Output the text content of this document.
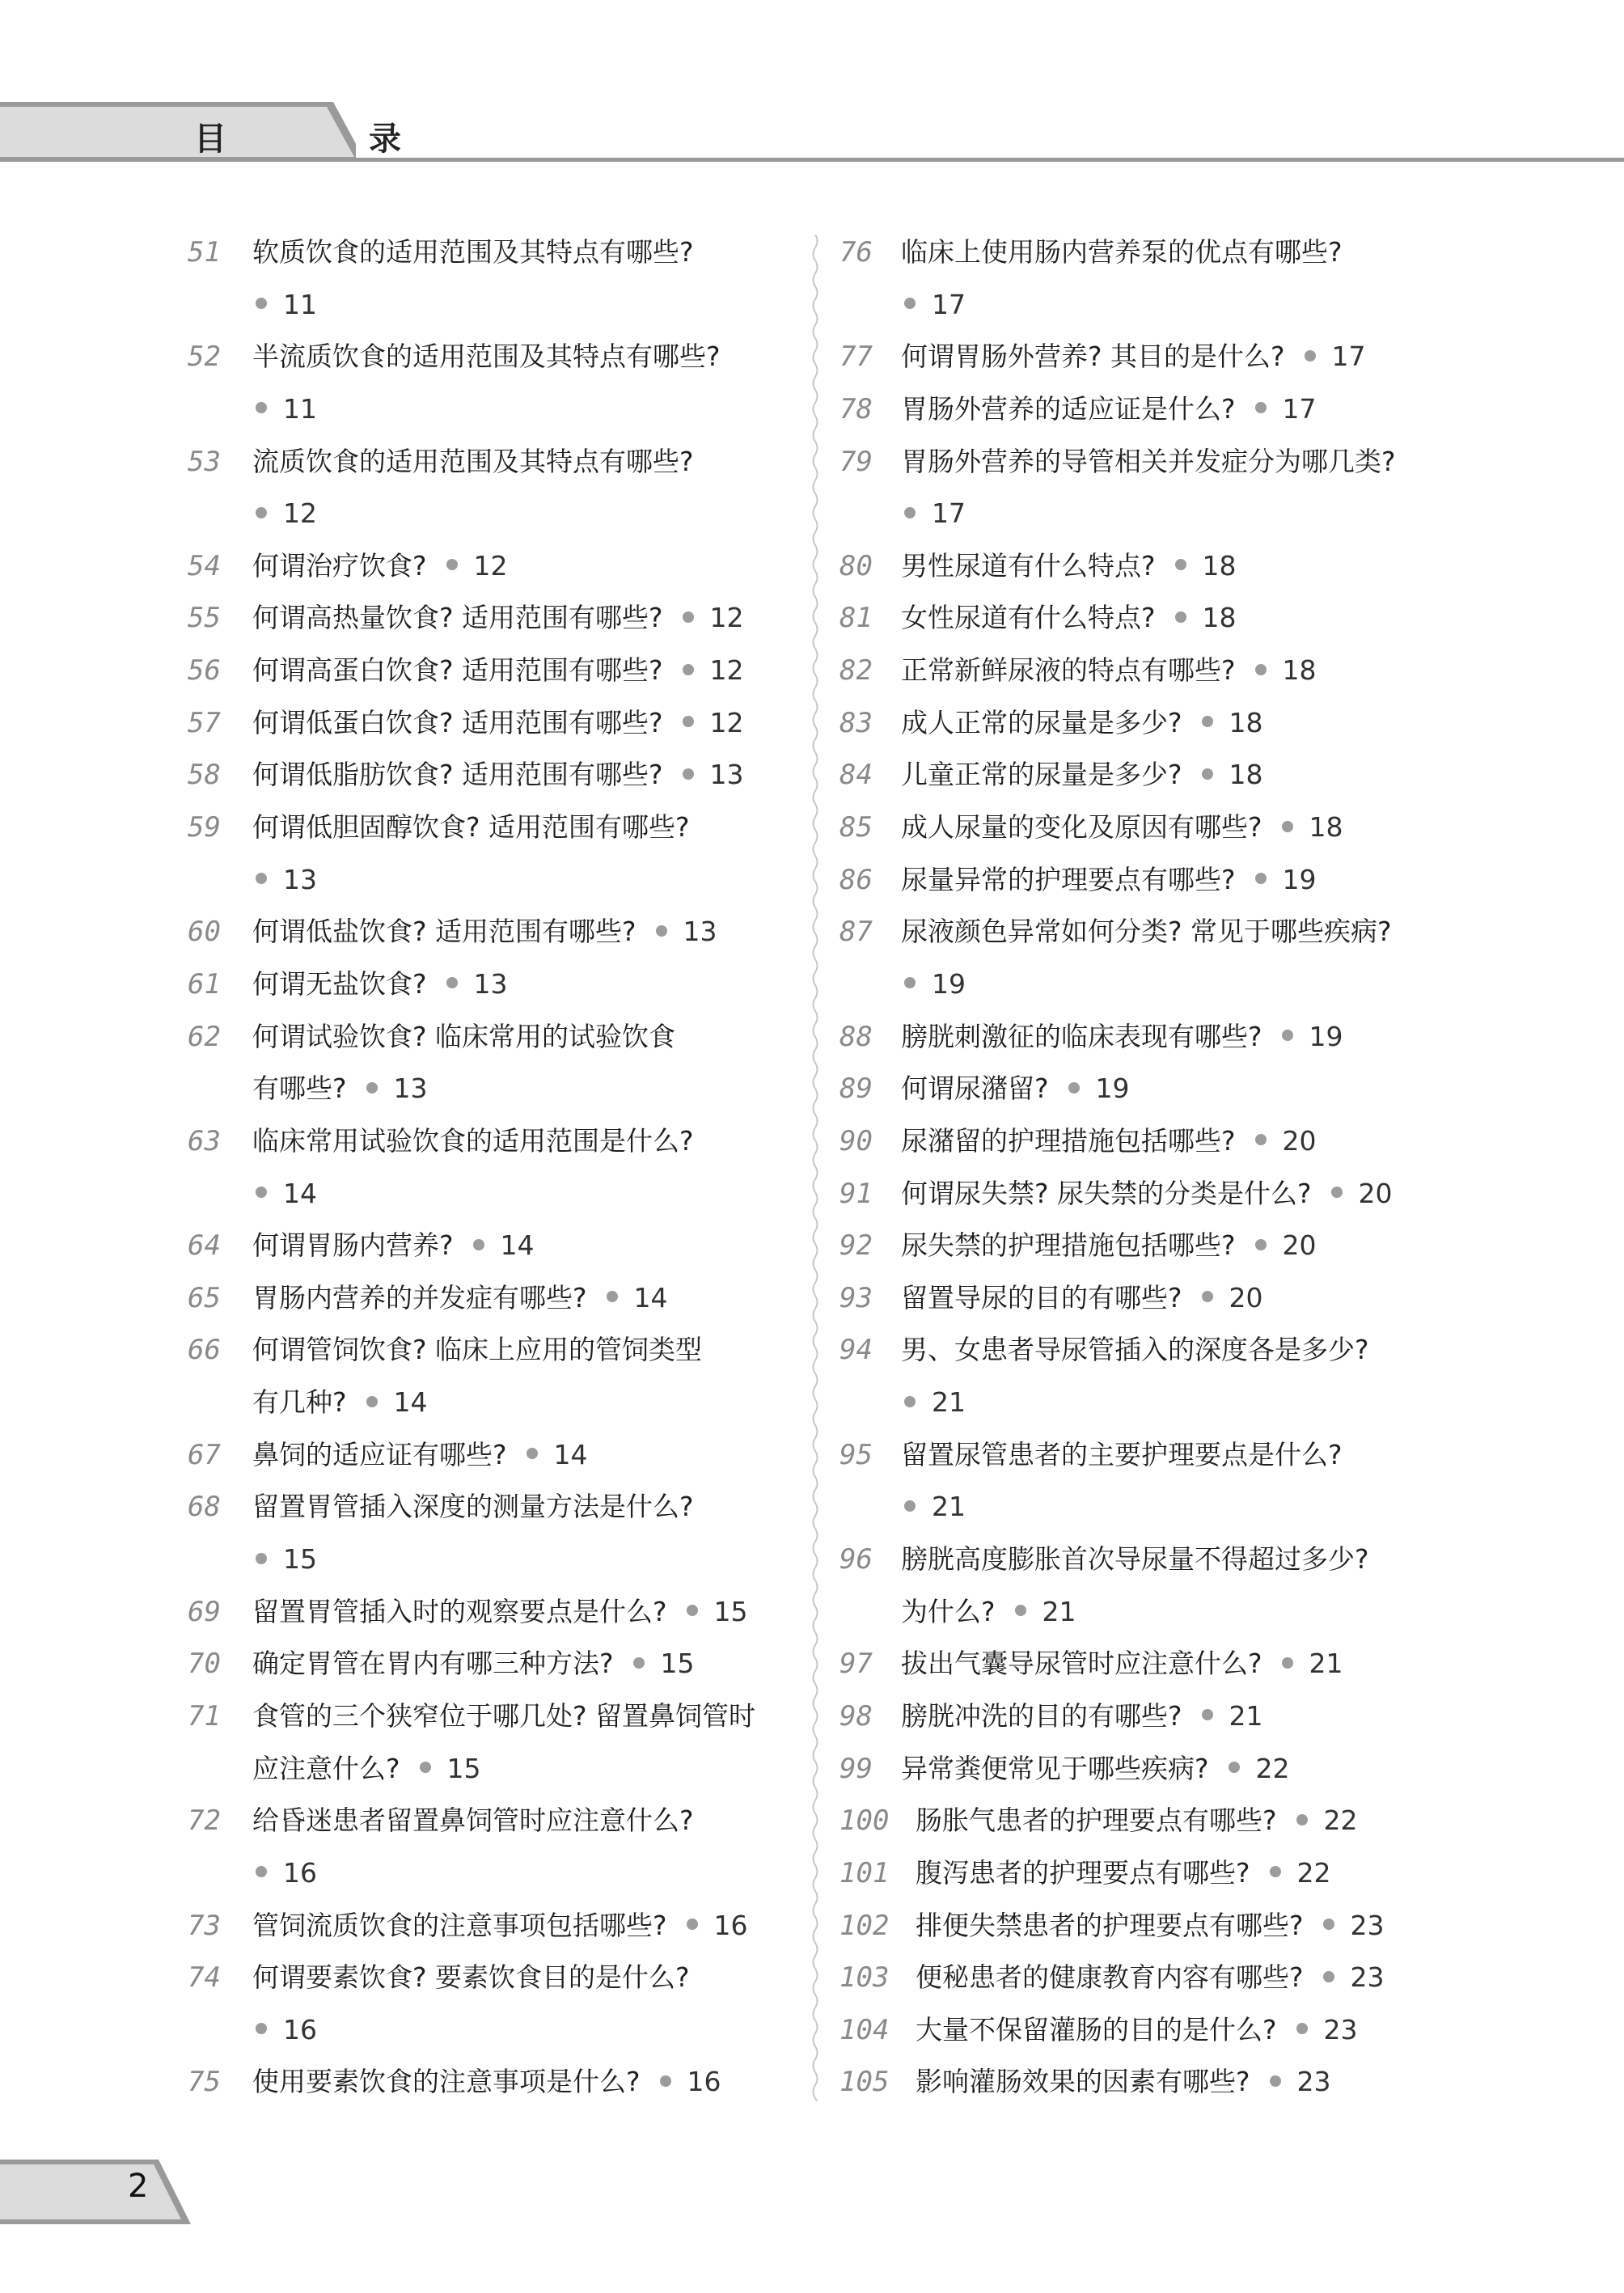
目　录
51	软质饮食的适用范围及其特点有哪些?
11
52	半流质饮食的适用范围及其特点有哪些?
11
53	流质饮食的适用范围及其特点有哪些?
12
54	何谓治疗饮食? 12
55	何谓高热量饮食? 适用范围有哪些? 12
56	何谓高蛋白饮食? 适用范围有哪些? 12
57	何谓低蛋白饮食? 适用范围有哪些? 12
58	何谓低脂肪饮食? 适用范围有哪些? 13
59	何谓低胆固醇饮食? 适用范围有哪些?
13
60	何谓低盐饮食? 适用范围有哪些? 13
61	何谓无盐饮食? 13
62	何谓试验饮食? 临床常用的试验饮食
有哪些? 13
63	临床常用试验饮食的适用范围是什么?
14
64	何谓胃肠内营养? 14
65	胃肠内营养的并发症有哪些? 14
66	何谓管饲饮食? 临床上应用的管饲类型
有几种? 14
67	鼻饲的适应证有哪些? 14
68	留置胃管插入深度的测量方法是什么?
15
69	留置胃管插入时的观察要点是什么? 15
70	确定胃管在胃内有哪三种方法? 15
71	食管的三个狭窄位于哪几处? 留置鼻饲管时
应注意什么? 15
72	给昏迷患者留置鼻饲管时应注意什么?
16
73	管饲流质饮食的注意事项包括哪些? 16
74	何谓要素饮食? 要素饮食目的是什么?
16
75	使用要素饮食的注意事项是什么? 16
76	临床上使用肠内营养泵的优点有哪些?
17
77	何谓胃肠外营养? 其目的是什么? 17
78	胃肠外营养的适应证是什么? 17
79	胃肠外营养的导管相关并发症分为哪几类?
17
80	男性尿道有什么特点? 18
81	女性尿道有什么特点? 18
82	正常新鲜尿液的特点有哪些? 18
83	成人正常的尿量是多少? 18
84	儿童正常的尿量是多少? 18
85	成人尿量的变化及原因有哪些? 18
86	尿量异常的护理要点有哪些? 19
87	尿液颜色异常如何分类? 常见于哪些疾病?
19
88	膀胱刺激征的临床表现有哪些? 19
89	何谓尿潴留? 19
90	尿潴留的护理措施包括哪些? 20
91	何谓尿失禁? 尿失禁的分类是什么? 20
92	尿失禁的护理措施包括哪些? 20
93	留置导尿的目的有哪些? 20
94	男、女患者导尿管插入的深度各是多少?
21
95	留置尿管患者的主要护理要点是什么?
21
96	膀胱高度膨胀首次导尿量不得超过多少?
为什么? 21
97	拔出气囊导尿管时应注意什么? 21
98	膀胱冲洗的目的有哪些? 21
99	异常粪便常见于哪些疾病? 22
100 肠胀气患者的护理要点有哪些? 22
101 腹泻患者的护理要点有哪些? 22
102 排便失禁患者的护理要点有哪些? 23
103 便秘患者的健康教育内容有哪些? 23
104 大量不保留灌肠的目的是什么? 23
105 影响灌肠效果的因素有哪些? 23
2
